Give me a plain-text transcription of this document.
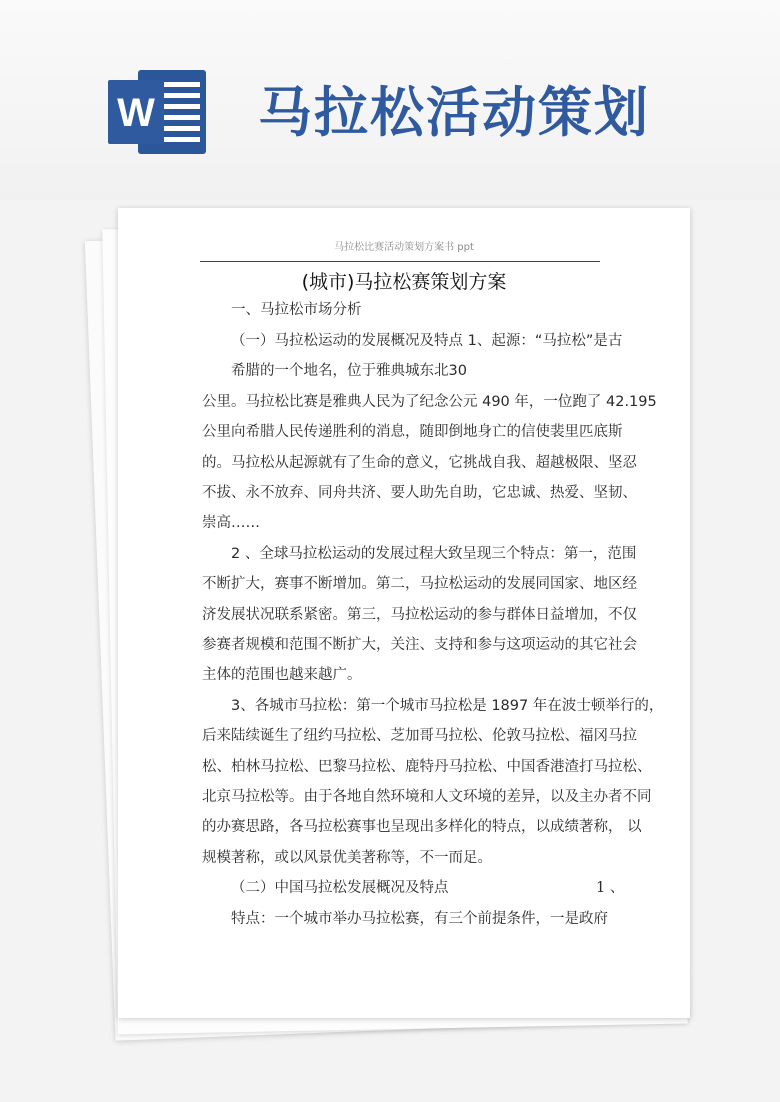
W 马拉松活动策划
马拉松比赛活动策划方案书 ppt
(城市)马拉松赛策划方案
一、马拉松市场分析
（一）马拉松运动的发展概况及特点 1、起源：“马拉松”是古
希腊的一个地名，位于雅典城东北30
公里。马拉松比赛是雅典人民为了纪念公元 490 年，一位跑了 42.195
公里向希腊人民传递胜利的消息，随即倒地身亡的信使裴里匹底斯
的。马拉松从起源就有了生命的意义，它挑战自我、超越极限、坚忍
不拔、永不放弃、同舟共济、要人助先自助，它忠诚、热爱、坚韧、
崇高……
2 、全球马拉松运动的发展过程大致呈现三个特点：第一，范围
不断扩大，赛事不断增加。第二，马拉松运动的发展同国家、地区经
济发展状况联系紧密。第三，马拉松运动的参与群体日益增加，不仅
参赛者规模和范围不断扩大，关注、支持和参与这项运动的其它社会
主体的范围也越来越广。
3、各城市马拉松：第一个城市马拉松是 1897 年在波士顿举行的，
后来陆续诞生了纽约马拉松、芝加哥马拉松、伦敦马拉松、福冈马拉
松、柏林马拉松、巴黎马拉松、鹿特丹马拉松、中国香港渣打马拉松、
北京马拉松等。由于各地自然环境和人文环境的差异，以及主办者不同
的办赛思路，各马拉松赛事也呈现出多样化的特点，以成绩著称， 以
规模著称，或以风景优美著称等，不一而足。
（二）中国马拉松发展概况及特点	1 、
特点：一个城市举办马拉松赛，有三个前提条件，一是政府
